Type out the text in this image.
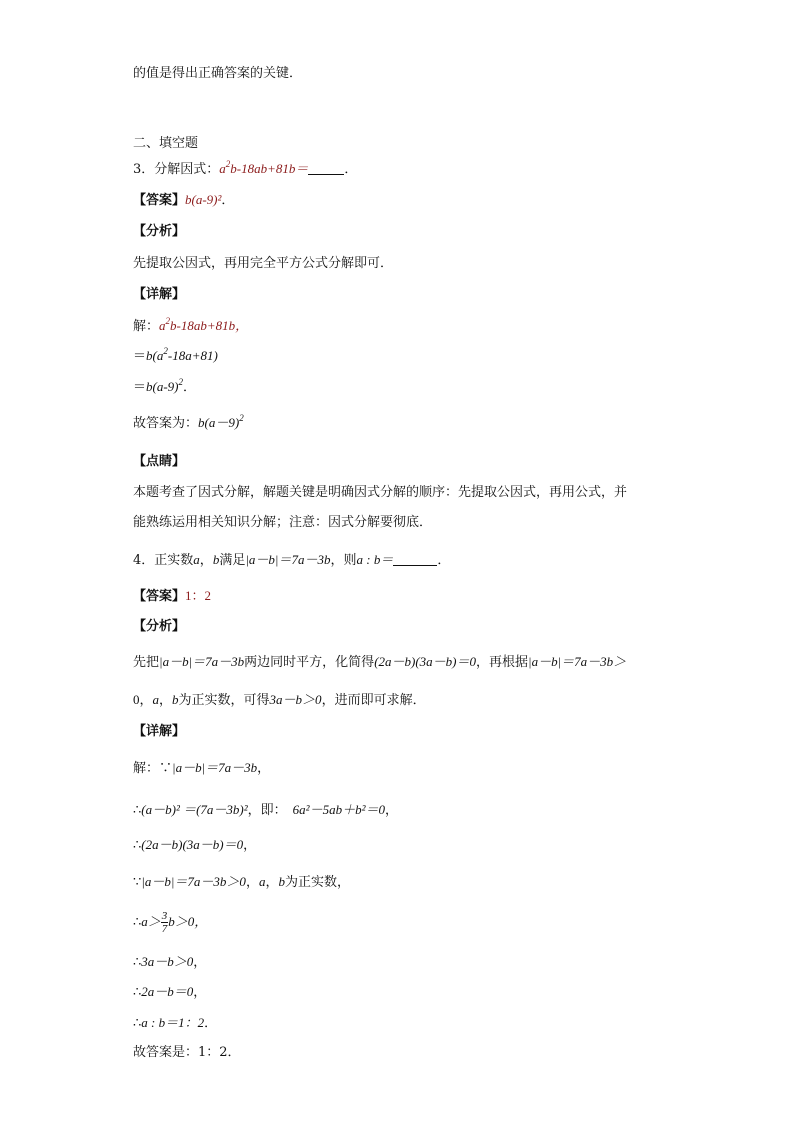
的值是得出正确答案的关键．
二、填空题
3．分解因式：$a^2b-18ab+81b=$	．
【答案】b(a-9)²．
【分析】
先提取公因式，再用完全平方公式分解即可．
【详解】
解：$a^2b-18ab+81b$，
$=b(a^2-18a+81)$
$=b(a-9)^2$．
故答案为：$b(a-9)^2$
【点睛】
本题考查了因式分解，解题关键是明确因式分解的顺序：先提取公因式，再用公式，并
能熟练运用相关知识分解；注意：因式分解要彻底．
4．正实数a，b满足|a－b|＝7a－3b，则a : b＝	．
【答案】1：2
【分析】
先把|a－b|＝7a－3b两边同时平方，化简得(2a－b)(3a－b)＝0，再根据|a－b|＝7a－3b＞
0，a，b为正实数，可得3a－b＞0，进而即可求解．
【详解】
解：∵|a－b|＝7a－3b，
∴(a－b)² ＝(7a－3b)²，即： 6a²－5ab＋b²＝0，
∴(2a－b)(3a－b)＝0，
∵|a－b|＝7a－3b＞0，a，b为正实数，
∴a＞ $\frac{3}{7} b>0$，
∴3a－b＞0，
∴2a－b＝0，
∴a : b＝1：2．
故答案是：1：2．
